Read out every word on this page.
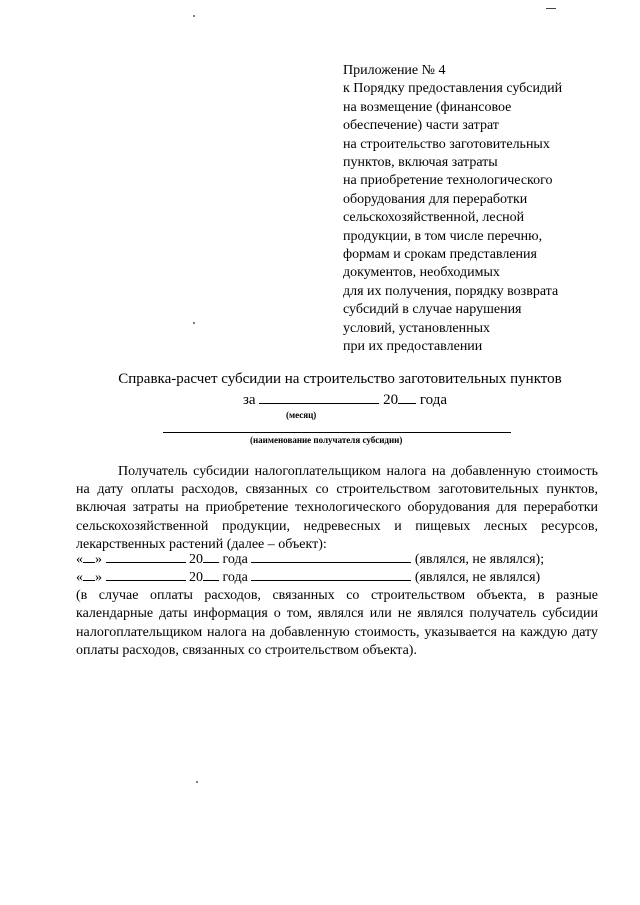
Приложение № 4
к Порядку предоставления субсидий
на возмещение (финансовое
обеспечение) части затрат
на строительство заготовительных
пунктов, включая затраты
на приобретение технологического
оборудования для переработки
сельскохозяйственной, лесной
продукции, в том числе перечню,
формам и срокам представления
документов, необходимых
для их получения, порядку возврата
субсидий в случае нарушения
условий, установленных
при их предоставлении
Справка-расчет субсидии на строительство заготовительных пунктов
за	20 года
(месяц)
(наименование получателя субсидии)
Получатель субсидии налогоплательщиком налога на добавленную стоимость на дату оплаты расходов, связанных со строительством заготовительных пунктов, включая затраты на приобретение технологического оборудования для переработки сельскохозяйственной продукции, недревесных и пищевых лесных ресурсов, лекарственных растений (далее – объект):
« »	20 года	(являлся, не являлся);
« »	20 года	(являлся, не являлся)
(в случае оплаты расходов, связанных со строительством объекта, в разные календарные даты информация о том, являлся или не являлся получатель субсидии налогоплательщиком налога на добавленную стоимость, указывается на каждую дату оплаты расходов, связанных со строительством объекта).
